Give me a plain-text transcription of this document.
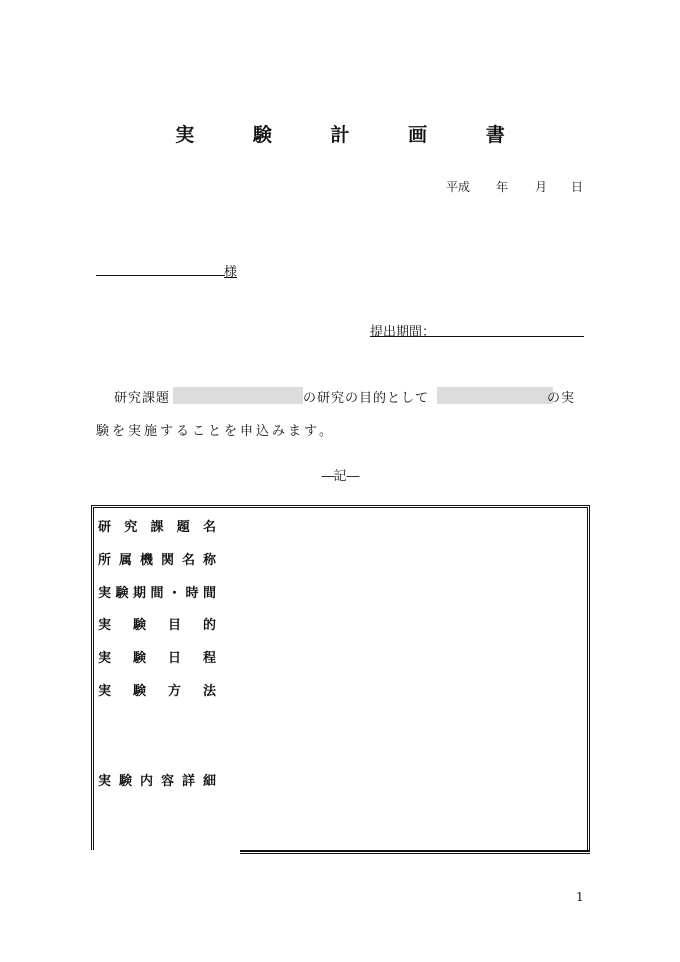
実 験 計 画 書
平成 年 月 日
様
提出期間：
研究課題	の研究の目的として	の実
験を実施することを申込みます。
―記―
研究課題名
所属機関名称
実験期間・時間
実験目的
実験日程
実験方法
実験内容詳細
1
